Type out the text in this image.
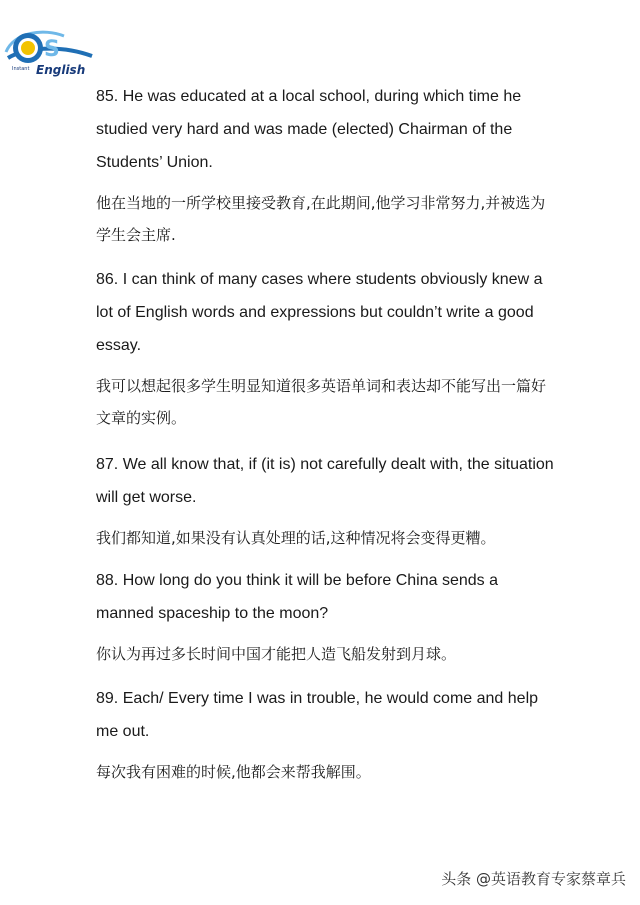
S
Instant English

85. He was educated at a local school, during which time he studied very hard and was made (elected) Chairman of the Students’ Union.

他在当地的一所学校里接受教育,在此期间,他学习非常努力,并被选为学生会主席.

86. I can think of many cases where students obviously knew a lot of English words and expressions but couldn’t write a good essay.

我可以想起很多学生明显知道很多英语单词和表达却不能写出一篇好文章的实例。

87. We all know that, if (it is) not carefully dealt with, the situation will get worse.

我们都知道,如果没有认真处理的话,这种情况将会变得更糟。

88. How long do you think it will be before China sends a manned spaceship to the moon?

你认为再过多长时间中国才能把人造飞船发射到月球。

89. Each/ Every time I was in trouble, he would come and help me out.

每次我有困难的时候,他都会来帮我解围。

头条 @英语教育专家蔡章兵
